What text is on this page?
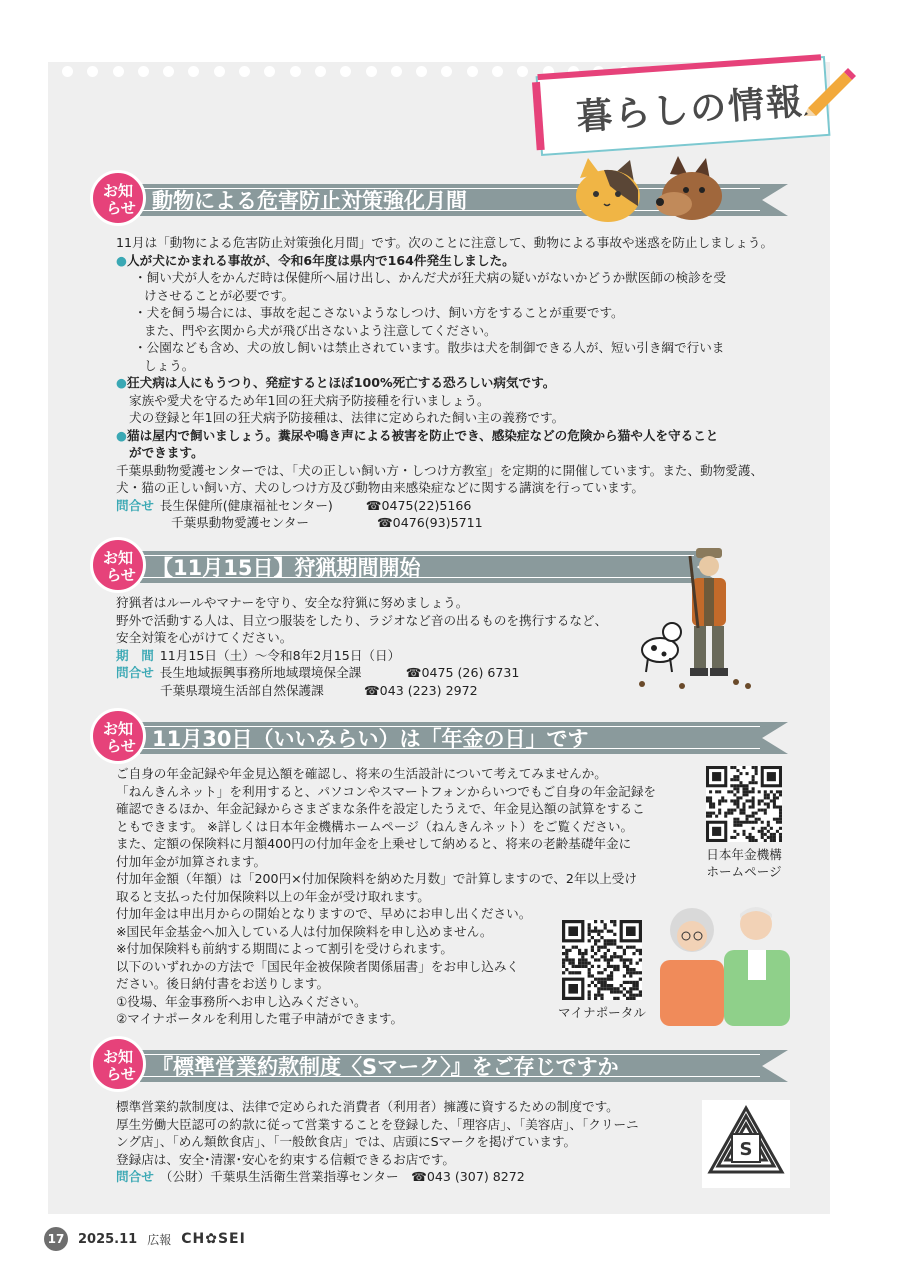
暮らしの情報
動物による危害防止対策強化月間
お知
らせ

11月は「動物による危害防止対策強化月間」です。次のことに注意して、動物による事故や迷惑を防止しましょう。

●人が犬にかまれる事故が、令和6年度は県内で164件発生しました。

・飼い犬が人をかんだ時は保健所へ届け出し、かんだ犬が狂犬病の疑いがないかどうか獣医師の検診を受

けさせることが必要です。

・犬を飼う場合には、事故を起こさないようなしつけ、飼い方をすることが重要です。

また、門や玄関から犬が飛び出さないよう注意してください。

・公園なども含め、犬の放し飼いは禁止されています。散歩は犬を制御できる人が、短い引き綱で行いま

しょう。

●狂犬病は人にもうつり、発症するとほぼ100%死亡する恐ろしい病気です。

家族や愛犬を守るため年1回の狂犬病予防接種を行いましょう。

犬の登録と年1回の狂犬病予防接種は、法律に定められた飼い主の義務です。

●猫は屋内で飼いましょう。糞尿や鳴き声による被害を防止でき、感染症などの危険から猫や人を守ること

ができます。

千葉県動物愛護センターでは、「犬の正しい飼い方・しつけ方教室」を定期的に開催しています。また、動物愛護、

犬・猫の正しい飼い方、犬のしつけ方及び動物由来感染症などに関する講演を行っています。

問合せ 長生保健所(健康福祉センター)	☎0475(22)5166

千葉県動物愛護センター	☎0476(93)5711

【11月15日】狩猟期間開始
お知
らせ

狩猟者はルールやマナーを守り、安全な狩猟に努めましょう。

野外で活動する人は、目立つ服装をしたり、ラジオなど音の出るものを携行するなど、

安全対策を心がけてください。

期　間 11月15日（土）～令和8年2月15日（日）

問合せ 長生地域振興事務所地域環境保全課	☎0475 (26) 6731

千葉県環境生活部自然保護課	☎043 (223) 2972

11月30日（いいみらい）は「年金の日」です
お知
らせ

ご自身の年金記録や年金見込額を確認し、将来の生活設計について考えてみませんか。

「ねんきんネット」を利用すると、パソコンやスマートフォンからいつでもご自身の年金記録を

確認できるほか、年金記録からさまざまな条件を設定したうえで、年金見込額の試算をするこ

ともできます。 ※詳しくは日本年金機構ホームページ（ねんきんネット）をご覧ください。

また、定額の保険料に月額400円の付加年金を上乗せして納めると、将来の老齢基礎年金に

付加年金が加算されます。

付加年金額（年額）は「200円×付加保険料を納めた月数」で計算しますので、2年以上受け

取ると支払った付加保険料以上の年金が受け取れます。

付加年金は申出月からの開始となりますので、早めにお申し出ください。

※国民年金基金へ加入している人は付加保険料を申し込めません。

※付加保険料も前納する期間によって割引を受けられます。

以下のいずれかの方法で「国民年金被保険者関係届書」をお申し込みく

ださい。後日納付書をお送りします。

①役場、年金事務所へお申し込みください。

②マイナポータルを利用した電子申請ができます。

日本年金機構
ホームページ
マイナポータル
『標準営業約款制度〈Sマーク〉』をご存じですか
お知
らせ

標準営業約款制度は、法律で定められた消費者（利用者）擁護に資するための制度です。

厚生労働大臣認可の約款に従って営業することを登録した、「理容店」、「美容店」、「クリーニ

ング店」、「めん類飲食店」、「一般飲食店」では、店頭にSマークを掲げています。

登録店は、安全･清潔･安心を約束する信頼できるお店です。

問合せ （公財）千葉県生活衛生営業指導センター　☎043 (307) 8272

S
17 2025.11 広報 CH✿SEI
